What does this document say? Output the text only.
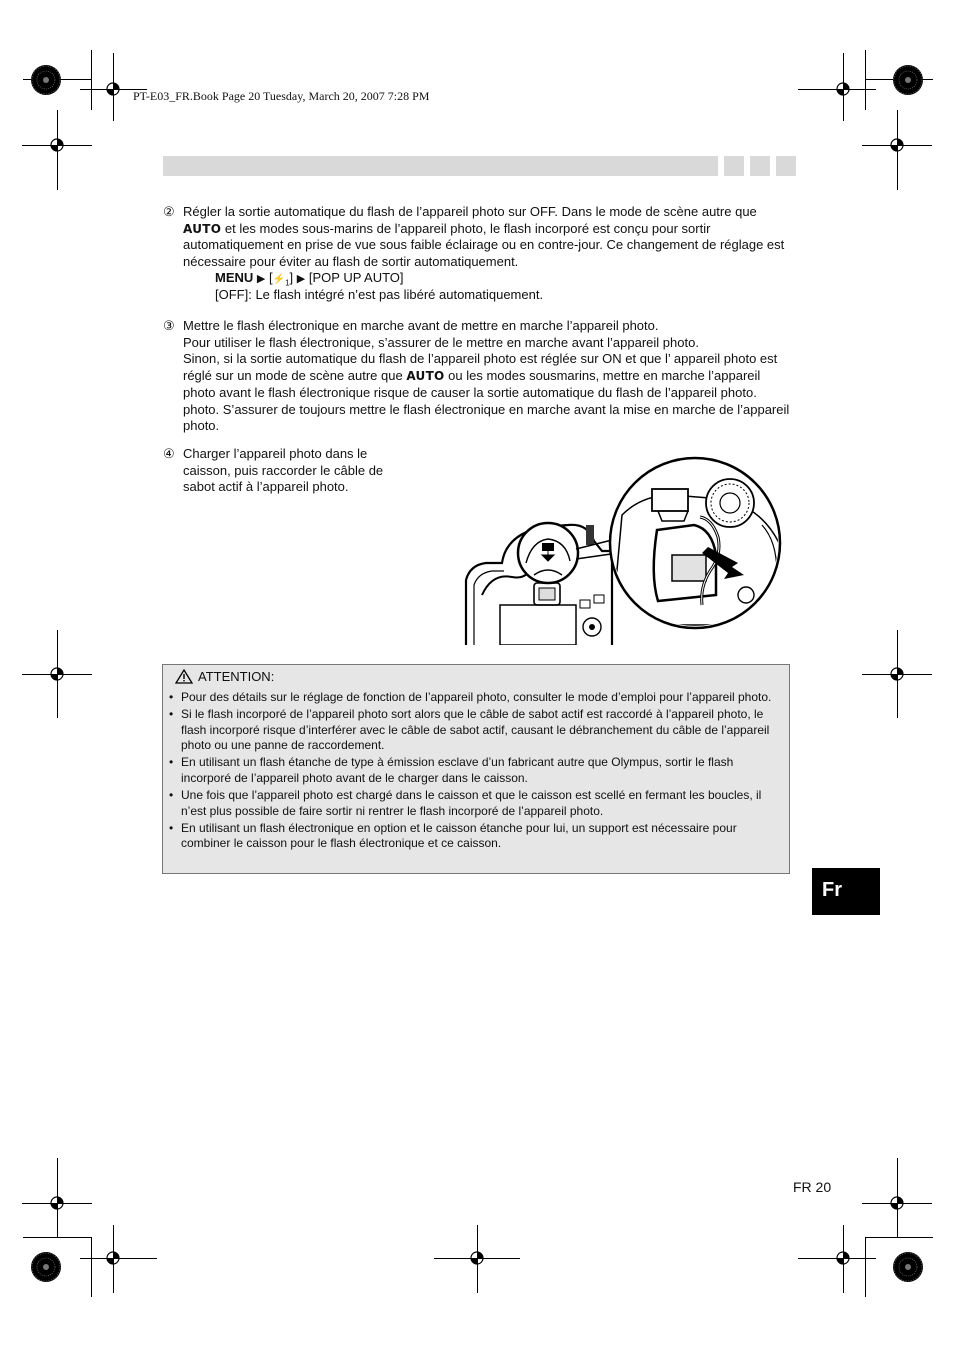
PT-E03_FR.Book Page 20 Tuesday, March 20, 2007 7:28 PM
② Régler la sortie automatique du flash de l’appareil photo sur OFF. Dans le mode de scène autre que
AUTO et les modes sous-marins de l’appareil photo, le flash incorporé est conçu pour sortir automatiquement en prise de vue sous faible éclairage ou en contre-jour. Ce changement de réglage est nécessaire pour éviter au flash de sortir automatiquement.
MENU ▶ $[⚡_1]$ ▶ [POP UP AUTO]
[OFF]: Le flash intégré n’est pas libéré automatiquement.
③ Mettre le flash électronique en marche avant de mettre en marche l’appareil photo.
Pour utiliser le flash électronique, s’assurer de le mettre en marche avant l’appareil photo.
Sinon, si la sortie automatique du flash de l’appareil photo est réglée sur ON et que l’ appareil photo est réglé sur un mode de scène autre que AUTO ou les modes sousmarins, mettre en marche l’appareil photo avant le flash électronique risque de causer la sortie automatique du flash de l’appareil photo. photo. S’assurer de toujours mettre le flash électronique en marche avant la mise en marche de l’appareil photo.
④ Charger l’appareil photo dans le caisson, puis raccorder le câble de sabot actif à l’appareil photo.
ATTENTION:
• Pour des détails sur le réglage de fonction de l’appareil photo, consulter le mode d’emploi pour l’appareil photo.
• Si le flash incorporé de l’appareil photo sort alors que le câble de sabot actif est raccordé à l’appareil photo, le flash incorporé risque d’interférer avec le câble de sabot actif, causant le débranchement du câble de l’appareil photo ou une panne de raccordement.
• En utilisant un flash étanche de type à émission esclave d’un fabricant autre que Olympus, sortir le flash incorporé de l’appareil photo avant de le charger dans le caisson.
• Une fois que l’appareil photo est chargé dans le caisson et que le caisson est scellé en fermant les boucles, il n’est plus possible de faire sortir ni rentrer le flash incorporé de l’appareil photo.
• En utilisant un flash électronique en option et le caisson étanche pour lui, un support est nécessaire pour combiner le caisson pour le flash électronique et ce caisson.
Fr
FR 20
